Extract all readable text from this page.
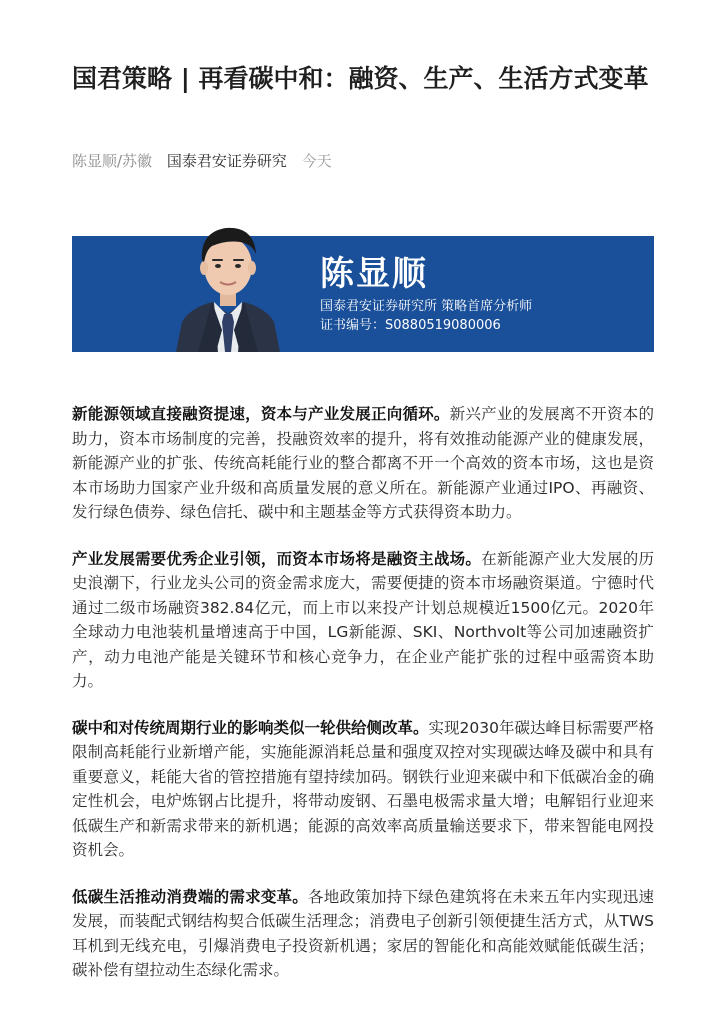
国君策略 | 再看碳中和：融资、生产、生活方式变革
陈显顺/苏徽 国泰君安证券研究 今天
陈显顺
国泰君安证券研究所 策略首席分析师
证书编号：S0880519080006

新能源领域直接融资提速，资本与产业发展正向循环。新兴产业的发展离不开资本的助力，资本市场制度的完善，投融资效率的提升，将有效推动能源产业的健康发展，新能源产业的扩张、传统高耗能行业的整合都离不开一个高效的资本市场，这也是资本市场助力国家产业升级和高质量发展的意义所在。新能源产业通过IPO、再融资、发行绿色债券、绿色信托、碳中和主题基金等方式获得资本助力。

产业发展需要优秀企业引领，而资本市场将是融资主战场。在新能源产业大发展的历史浪潮下，行业龙头公司的资金需求庞大，需要便捷的资本市场融资渠道。宁德时代通过二级市场融资382.84亿元，而上市以来投产计划总规模近1500亿元。2020年全球动力电池装机量增速高于中国，LG新能源、SKI、Northvolt等公司加速融资扩产，动力电池产能是关键环节和核心竞争力，在企业产能扩张的过程中亟需资本助力。

碳中和对传统周期行业的影响类似一轮供给侧改革。实现2030年碳达峰目标需要严格限制高耗能行业新增产能，实施能源消耗总量和强度双控对实现碳达峰及碳中和具有重要意义，耗能大省的管控措施有望持续加码。钢铁行业迎来碳中和下低碳冶金的确定性机会，电炉炼钢占比提升，将带动废钢、石墨电极需求量大增；电解铝行业迎来低碳生产和新需求带来的新机遇；能源的高效率高质量输送要求下，带来智能电网投资机会。

低碳生活推动消费端的需求变革。各地政策加持下绿色建筑将在未来五年内实现迅速发展，而装配式钢结构契合低碳生活理念；消费电子创新引领便捷生活方式，从TWS耳机到无线充电，引爆消费电子投资新机遇；家居的智能化和高能效赋能低碳生活；碳补偿有望拉动生态绿化需求。
